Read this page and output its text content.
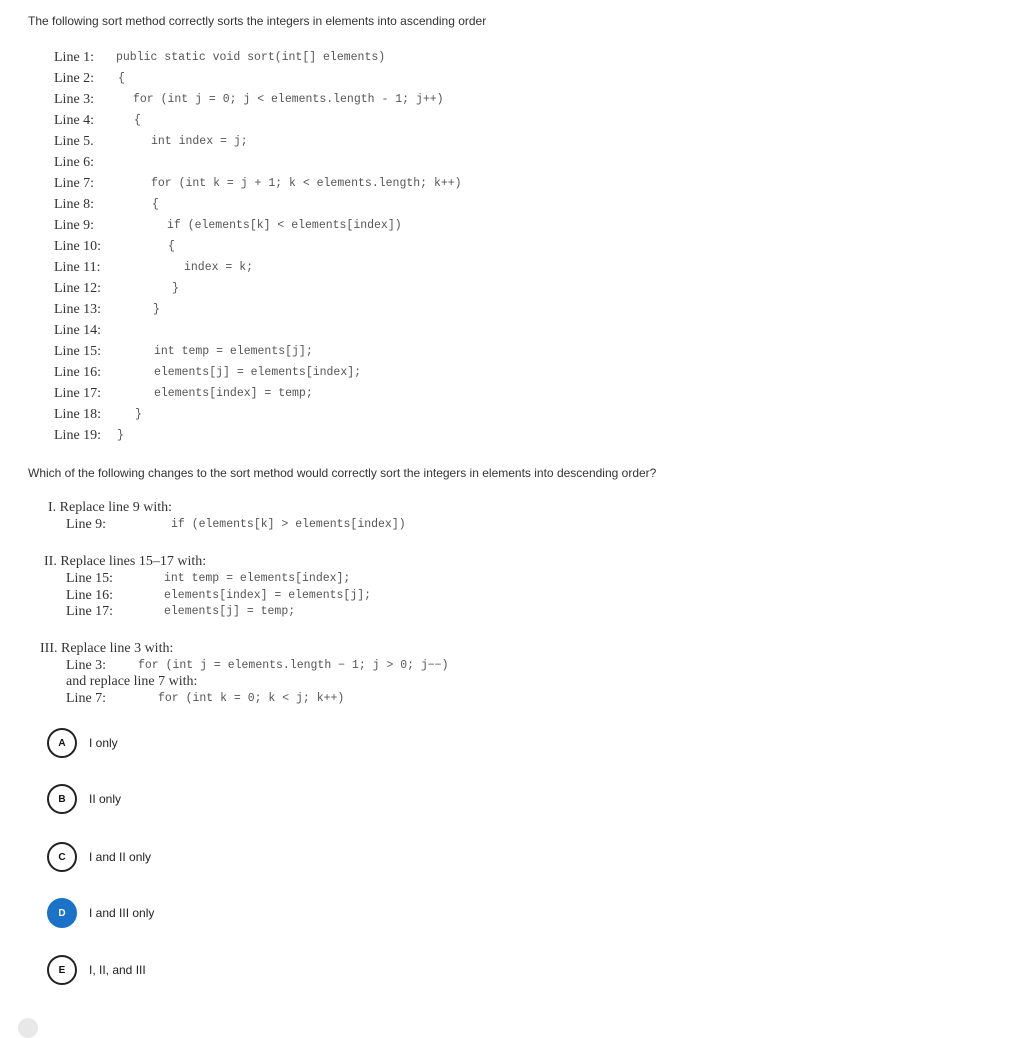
The following sort method correctly sorts the integers in elements into ascending order
Line 1: public static void sort(int[] elements)
Line 2: {
Line 3:	for (int j = 0; j < elements.length - 1; j++)
Line 4:	{
Line 5.	int index = j;
Line 6:
Line 7:	for (int k = j + 1; k < elements.length; k++)
Line 8:	{
Line 9:	if (elements[k] < elements[index])
Line 10:	{
Line 11:	index = k;
Line 12:	}
Line 13:	}
Line 14:
Line 15:	int temp = elements[j];
Line 16:	elements[j] = elements[index];
Line 17:	elements[index] = temp;
Line 18:	}
Line 19: }
Which of the following changes to the sort method would correctly sort the integers in elements into descending order?
I. Replace line 9 with:
Line 9:	if (elements[k] > elements[index])
II. Replace lines 15–17 with:
Line 15:	int temp = elements[index];
Line 16:	elements[index] = elements[j];
Line 17:	elements[j] = temp;
III. Replace line 3 with:
Line 3:	for (int j = elements.length − 1; j > 0; j−−)
and replace line 7 with:
Line 7:	for (int k = 0; k < j; k++)
A	I only
B	II only
C	I and II only
D	I and III only
E	I, II, and III
